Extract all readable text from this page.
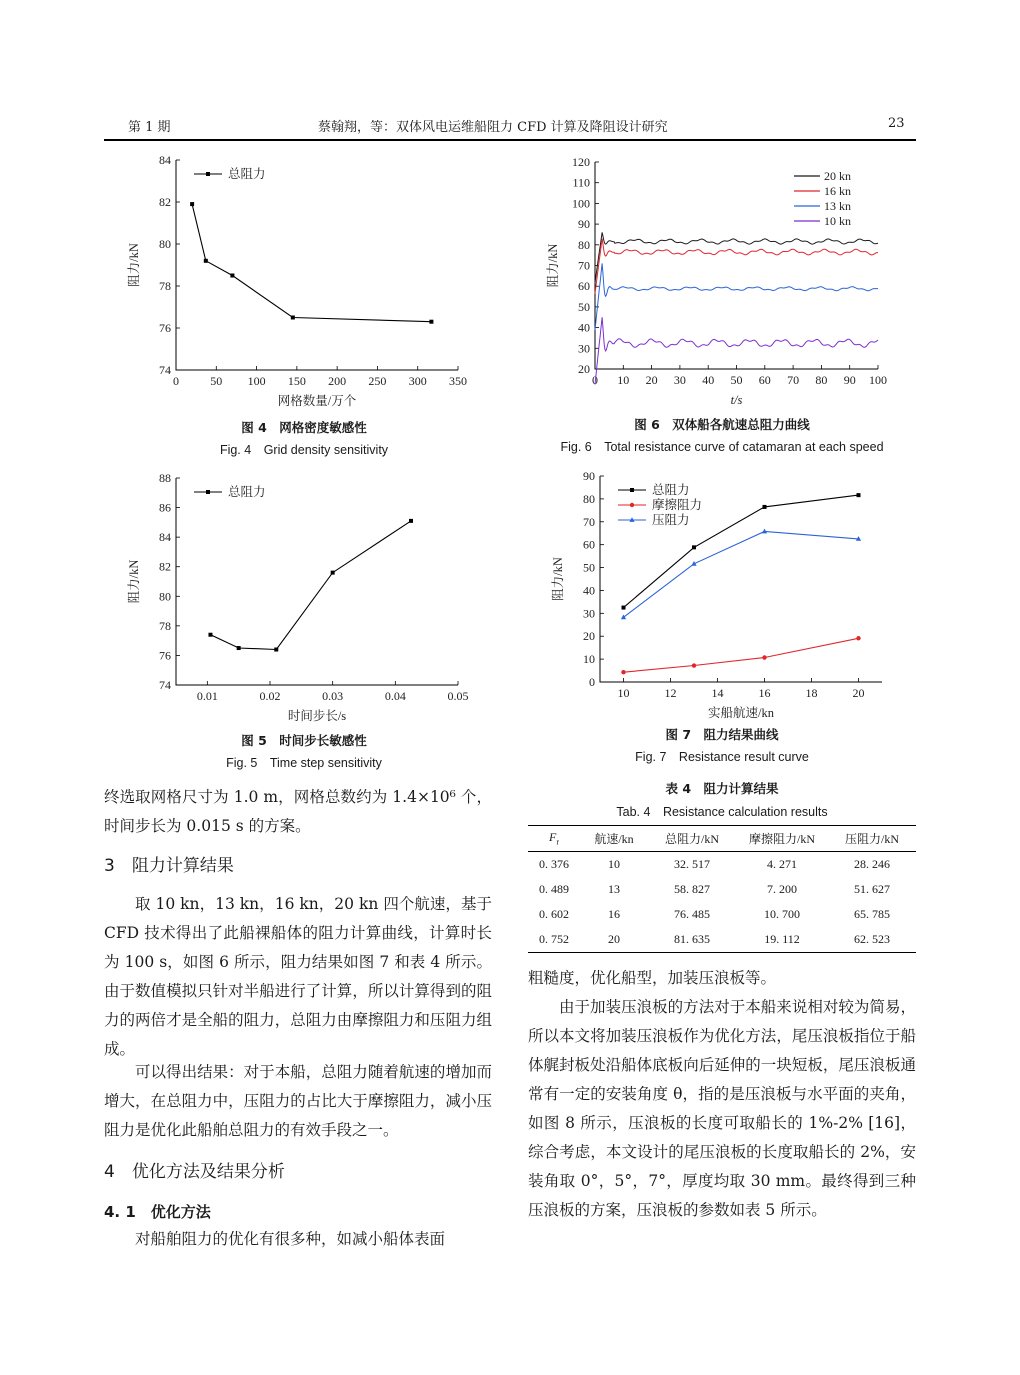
第 1 期	蔡翰翔，等：双体风电运维船阻力 CFD 计算及降阻设计研究	23
74
76
78
80
82
84
0	50 100 150 200 250 300 350
网格数量/万个
阻力/kN
总阻力
图 4　网格密度敏感性
Fig. 4　Grid density sensitivity
74
76
78
80
82
84
86
88
0.01	0.02	0.03	0.04	0.05
时间步长/s
阻力/kN
总阻力
图 5　时间步长敏感性
Fig. 5　Time step sensitivity
20
30
40
50
60
70
80
90
100
110
120
0 10 20 30 40 50 60 70 80 90 100
t/s
阻力/kN
20 kn
16 kn
13 kn
10 kn
图 6　双体船各航速总阻力曲线
Fig. 6　Total resistance curve of catamaran at each speed
0
10
20
30
40
50
60
70
80
90
10	12	14	16	18	20
实船航速/kn
阻力/kN
总阻力
摩擦阻力
压阻力
图 7　阻力结果曲线
Fig. 7　Resistance result curve
表 4　阻力计算结果
Tab. 4　Resistance calculation results
$F_r$	航速/kn	总阻力/kN	摩擦阻力/kN	压阻力/kN
0. 376	10	32. 517	4. 271	28. 246
0. 489	13	58. 827	7. 200	51. 627
0. 602	16	76. 485	10. 700	65. 785
0. 752	20	81. 635	19. 112	62. 523

终选取网格尺寸为 1.0 m，网格总数约为 1.4×10⁶ 个，时间步长为 0.015 s 的方案。

3　阻力计算结果

取 10 kn，13 kn，16 kn，20 kn 四个航速，基于 CFD 技术得出了此船裸船体的阻力计算曲线，计算时长为 100 s，如图 6 所示，阻力结果如图 7 和表 4 所示。由于数值模拟只针对半船进行了计算，所以计算得到的阻力的两倍才是全船的阻力，总阻力由摩擦阻力和压阻力组成。

可以得出结果：对于本船，总阻力随着航速的增加而增大，在总阻力中，压阻力的占比大于摩擦阻力，减小压阻力是优化此船舶总阻力的有效手段之一。

4　优化方法及结果分析
4. 1　优化方法

对船舶阻力的优化有很多种，如减小船体表面

粗糙度，优化船型，加装压浪板等。

由于加装压浪板的方法对于本船来说相对较为简易，所以本文将加装压浪板作为优化方法，尾压浪板指位于船体艉封板处沿船体底板向后延伸的一块短板，尾压浪板通常有一定的安装角度 θ，指的是压浪板与水平面的夹角，如图 8 所示，压浪板的长度可取船长的 1%-2% [16]，综合考虑，本文设计的尾压浪板的长度取船长的 2%，安装角取 0°，5°，7°，厚度均取 30 mm。最终得到三种压浪板的方案，压浪板的参数如表 5 所示。
